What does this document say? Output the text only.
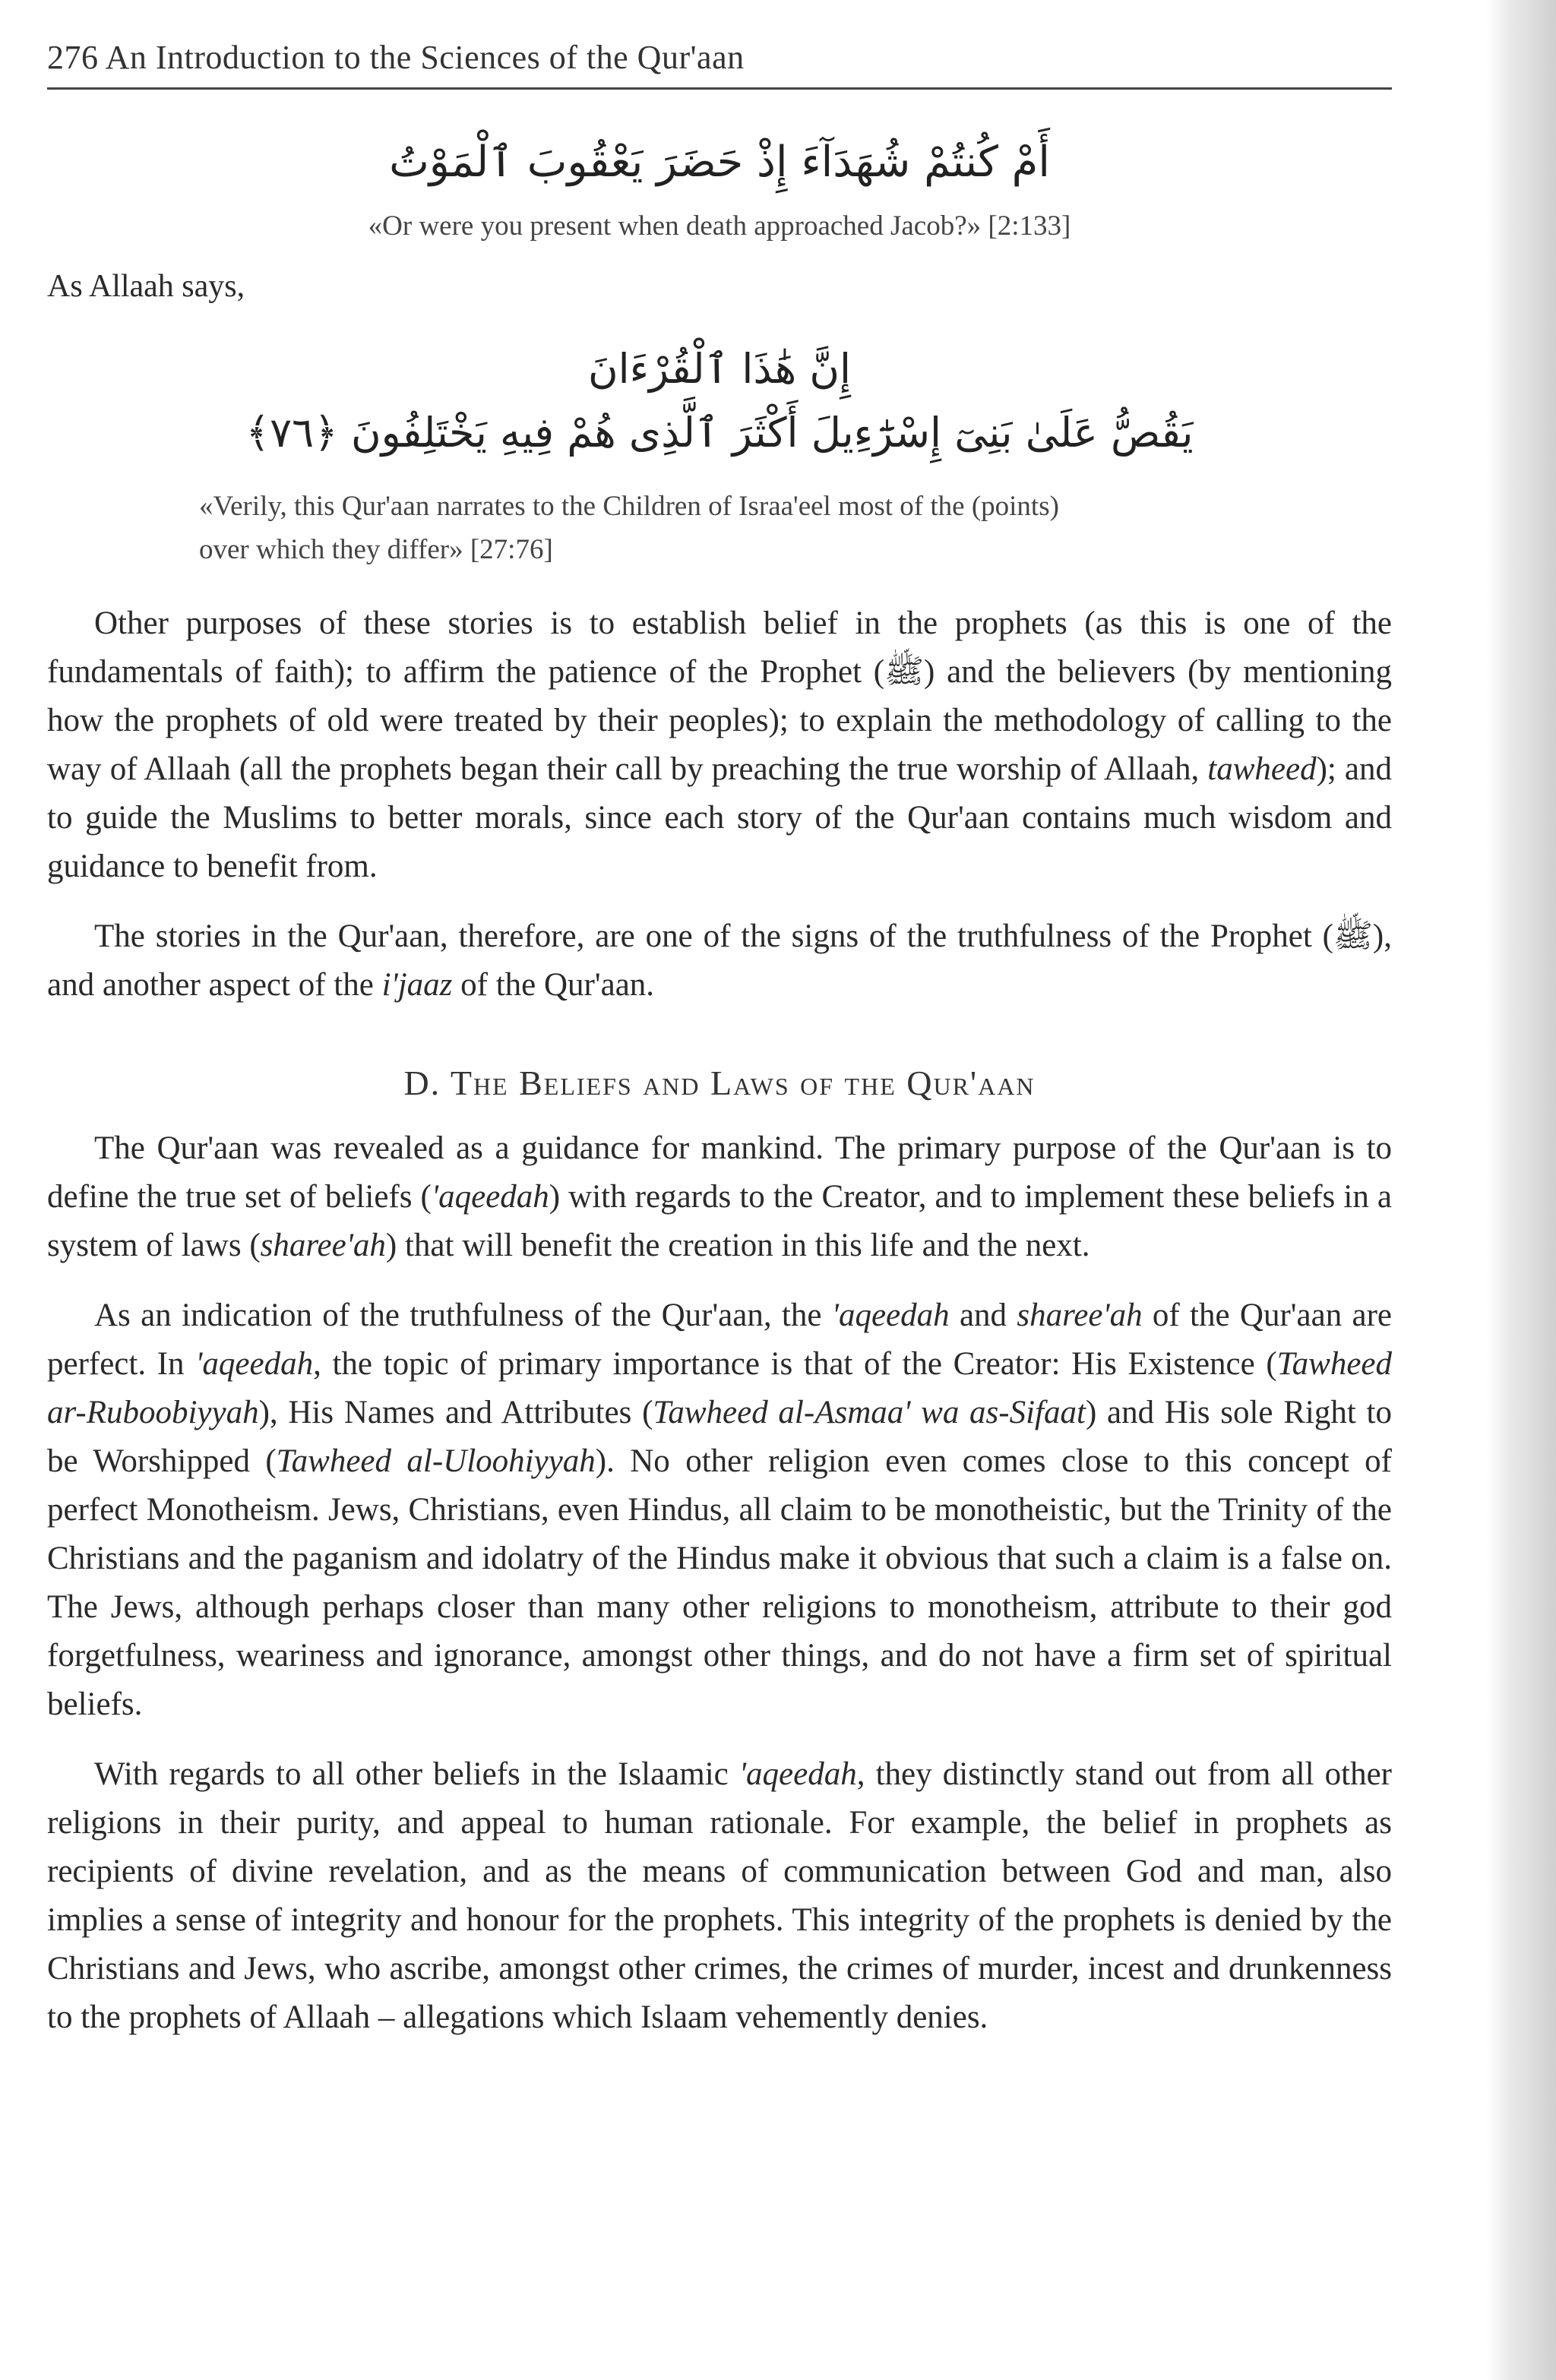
276 An Introduction to the Sciences of the Qur'aan
أَمْ كُنتُمْ شُهَدَآءَ إِذْ حَضَرَ يَعْقُوبَ ٱلْمَوْتُ
«Or were you present when death approached Jacob?» [2:133]
As Allaah says,
إِنَّ هَٰذَا ٱلْقُرْءَانَ
يَقُصُّ عَلَىٰ بَنِىٓ إِسْرَٰٓءِيلَ أَكْثَرَ ٱلَّذِى هُمْ فِيهِ يَخْتَلِفُونَ ﴿٧٦﴾
«Verily, this Qur'aan narrates to the Children of Israa'eel most of the (points)
over which they differ» [27:76]

Other purposes of these stories is to establish belief in the prophets (as this is one of the fundamentals of faith); to affirm the patience of the Prophet (ﷺ) and the believers (by mentioning how the prophets of old were treated by their peoples); to explain the methodology of calling to the way of Allaah (all the prophets began their call by preaching the true worship of Allaah, tawheed); and to guide the Muslims to better morals, since each story of the Qur'aan contains much wisdom and guidance to benefit from.

The stories in the Qur'aan, therefore, are one of the signs of the truthfulness of the Prophet (ﷺ), and another aspect of the i'jaaz of the Qur'aan.

D. The Beliefs and Laws of the Qur'aan

The Qur'aan was revealed as a guidance for mankind. The primary purpose of the Qur'aan is to define the true set of beliefs ('aqeedah) with regards to the Creator, and to implement these beliefs in a system of laws (sharee'ah) that will benefit the creation in this life and the next.

As an indication of the truthfulness of the Qur'aan, the 'aqeedah and sharee'ah of the Qur'aan are perfect. In 'aqeedah, the topic of primary importance is that of the Creator: His Existence (Tawheed ar-Ruboobiyyah), His Names and Attributes (Tawheed al-Asmaa' wa as-Sifaat) and His sole Right to be Worshipped (Tawheed al-Uloohiyyah). No other religion even comes close to this concept of perfect Monotheism. Jews, Christians, even Hindus, all claim to be monotheistic, but the Trinity of the Christians and the paganism and idolatry of the Hindus make it obvious that such a claim is a false on. The Jews, although perhaps closer than many other religions to monotheism, attribute to their god forgetfulness, weariness and ignorance, amongst other things, and do not have a firm set of spiritual beliefs.

With regards to all other beliefs in the Islaamic 'aqeedah, they distinctly stand out from all other religions in their purity, and appeal to human rationale. For example, the belief in prophets as recipients of divine revelation, and as the means of communication between God and man, also implies a sense of integrity and honour for the prophets. This integrity of the prophets is denied by the Christians and Jews, who ascribe, amongst other crimes, the crimes of murder, incest and drunkenness to the prophets of Allaah – allegations which Islaam vehemently denies.
